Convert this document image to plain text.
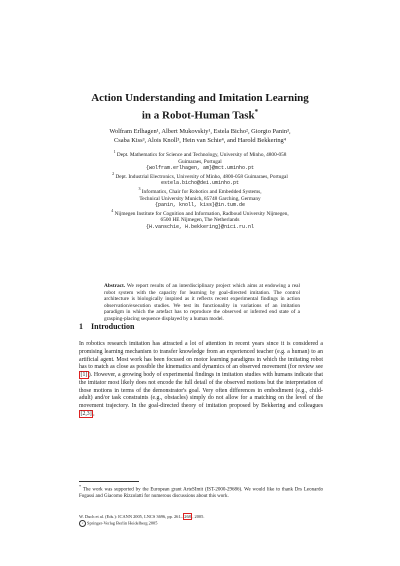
Action Understanding and Imitation Learning
in a Robot-Human Task*
Wolfram Erlhagen¹, Albert Mukovskiy¹, Estela Bicho², Giorgio Panin³,
Csaba Kiss³, Alois Knoll³, Hein van Schie⁴, and Harold Bekkering⁴
$^1$ Dept. Mathematics for Science and Technology, University of Minho, 4800-058
Guimaraes, Portugal
{wolfram.erlhagen, am}@mct.uminho.pt
$^2$ Dept. Industrial Electronics, University of Minho, 4800-058 Guimaraes, Portugal
estela.bicho@dei.uminho.pt
$^3$ Informatics, Chair for Robotics and Embedded Systems,
Technical University Munich, 85748 Garching, Germany
{panin, knoll, kiss}@in.tum.de
$^4$ Nijmegen Institute for Cognition and Information, Radboud University Nijmegen,
6500 HE Nijmegen, The Netherlands
{H.vanschie, H.bekkering}@nici.ru.nl
Abstract. We report results of an interdisciplinary project which aims at endowing a real robot system with the capacity for learning by goal-directed imitation. The control architecture is biologically inspired as it reflects recent experimental findings in action observation/execution studies. We test its functionality in variations of an imitation paradigm in which the artefact has to reproduce the observed or inferred end state of a grasping-placing sequence displayed by a human model.
1 Introduction
In robotics research imitation has attracted a lot of attention in recent years since it is considered a promising learning mechanism to transfer knowledge from an experienced teacher (e.g. a human) to an artificial agent. Most work has been focused on motor learning paradigms in which the imitating robot has to match as close as possible the kinematics and dynamics of an observed movement (for review see [1] ). However, a growing body of experimental findings in imitation studies with humans indicate that the imitator most likely does not encode the full detail of the observed motions but the interpretation of those motions in terms of the demonstrator's goal. Very often differences in embodiment (e.g., child-adult) and/or task constraints (e.g., obstacles) simply do not allow for a matching on the level of the movement trajectory. In the goal-directed theory of imitation proposed by Bekkering and colleagues [2,3] ,
* The work was supported by the European grant ArteSImit (IST-2000-29686). We would like to thank Drs Leonardo Fogassi and Giacomo Rizzolatti for numerous discussions about this work.
W. Duch et al. (Eds.): ICANN 2005, LNCS 3696, pp. 261– 268 , 2005.
c Springer-Verlag Berlin Heidelberg 2005
